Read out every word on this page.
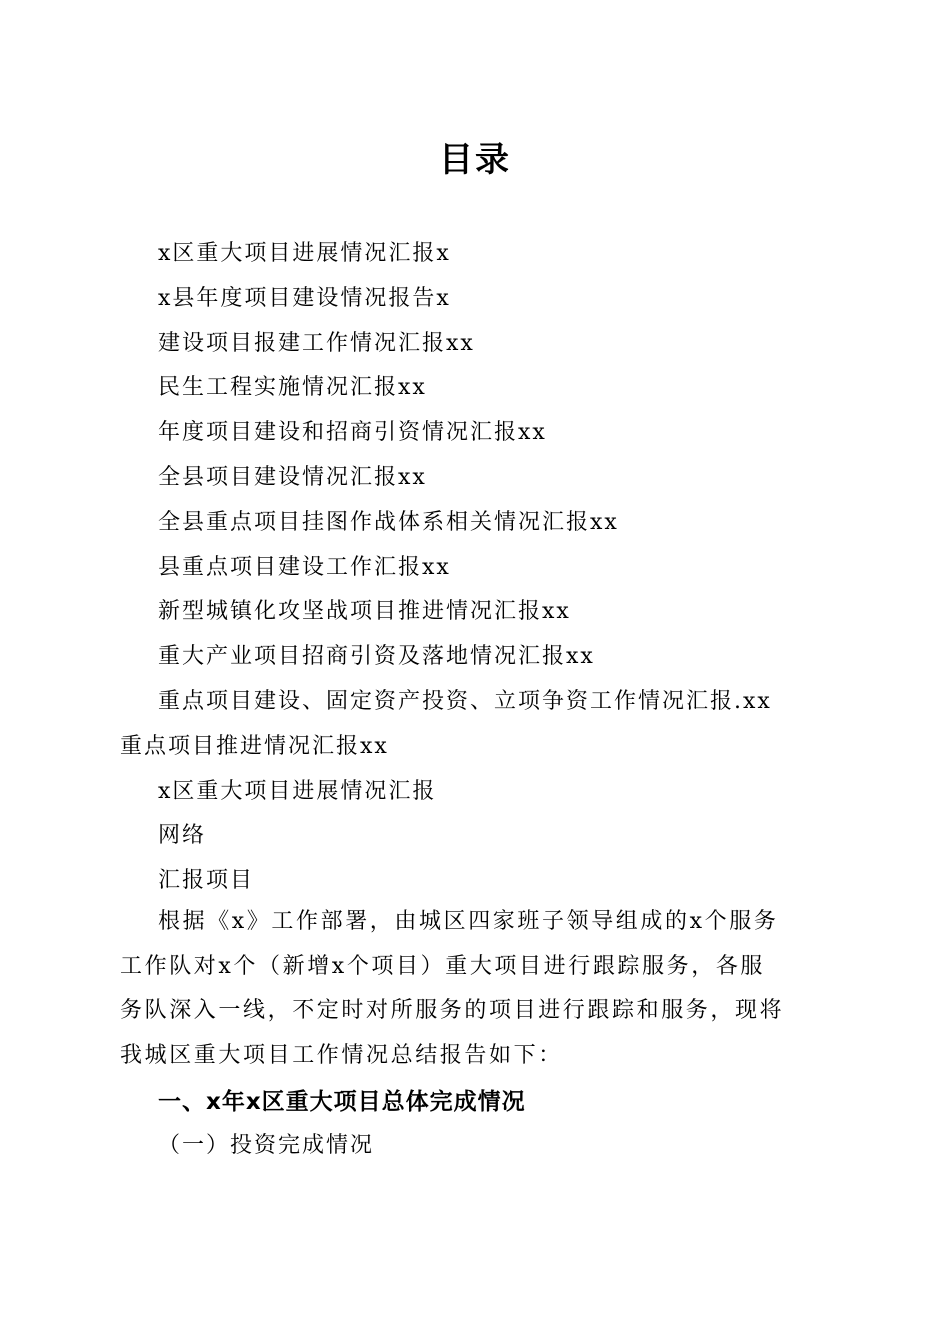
目录
x区重大项目进展情况汇报x
x县年度项目建设情况报告x
建设项目报建工作情况汇报xx
民生工程实施情况汇报xx
年度项目建设和招商引资情况汇报xx
全县项目建设情况汇报xx
全县重点项目挂图作战体系相关情况汇报xx
县重点项目建设工作汇报xx
新型城镇化攻坚战项目推进情况汇报xx
重大产业项目招商引资及落地情况汇报xx
重点项目建设、固定资产投资、立项争资工作情况汇报.xx
重点项目推进情况汇报xx
x区重大项目进展情况汇报
网络
汇报项目
根据《x》工作部署，由城区四家班子领导组成的x个服务
工作队对x个（新增x个项目）重大项目进行跟踪服务，各服
务队深入一线，不定时对所服务的项目进行跟踪和服务，现将
我城区重大项目工作情况总结报告如下：
一、x年x区重大项目总体完成情况
（一）投资完成情况
